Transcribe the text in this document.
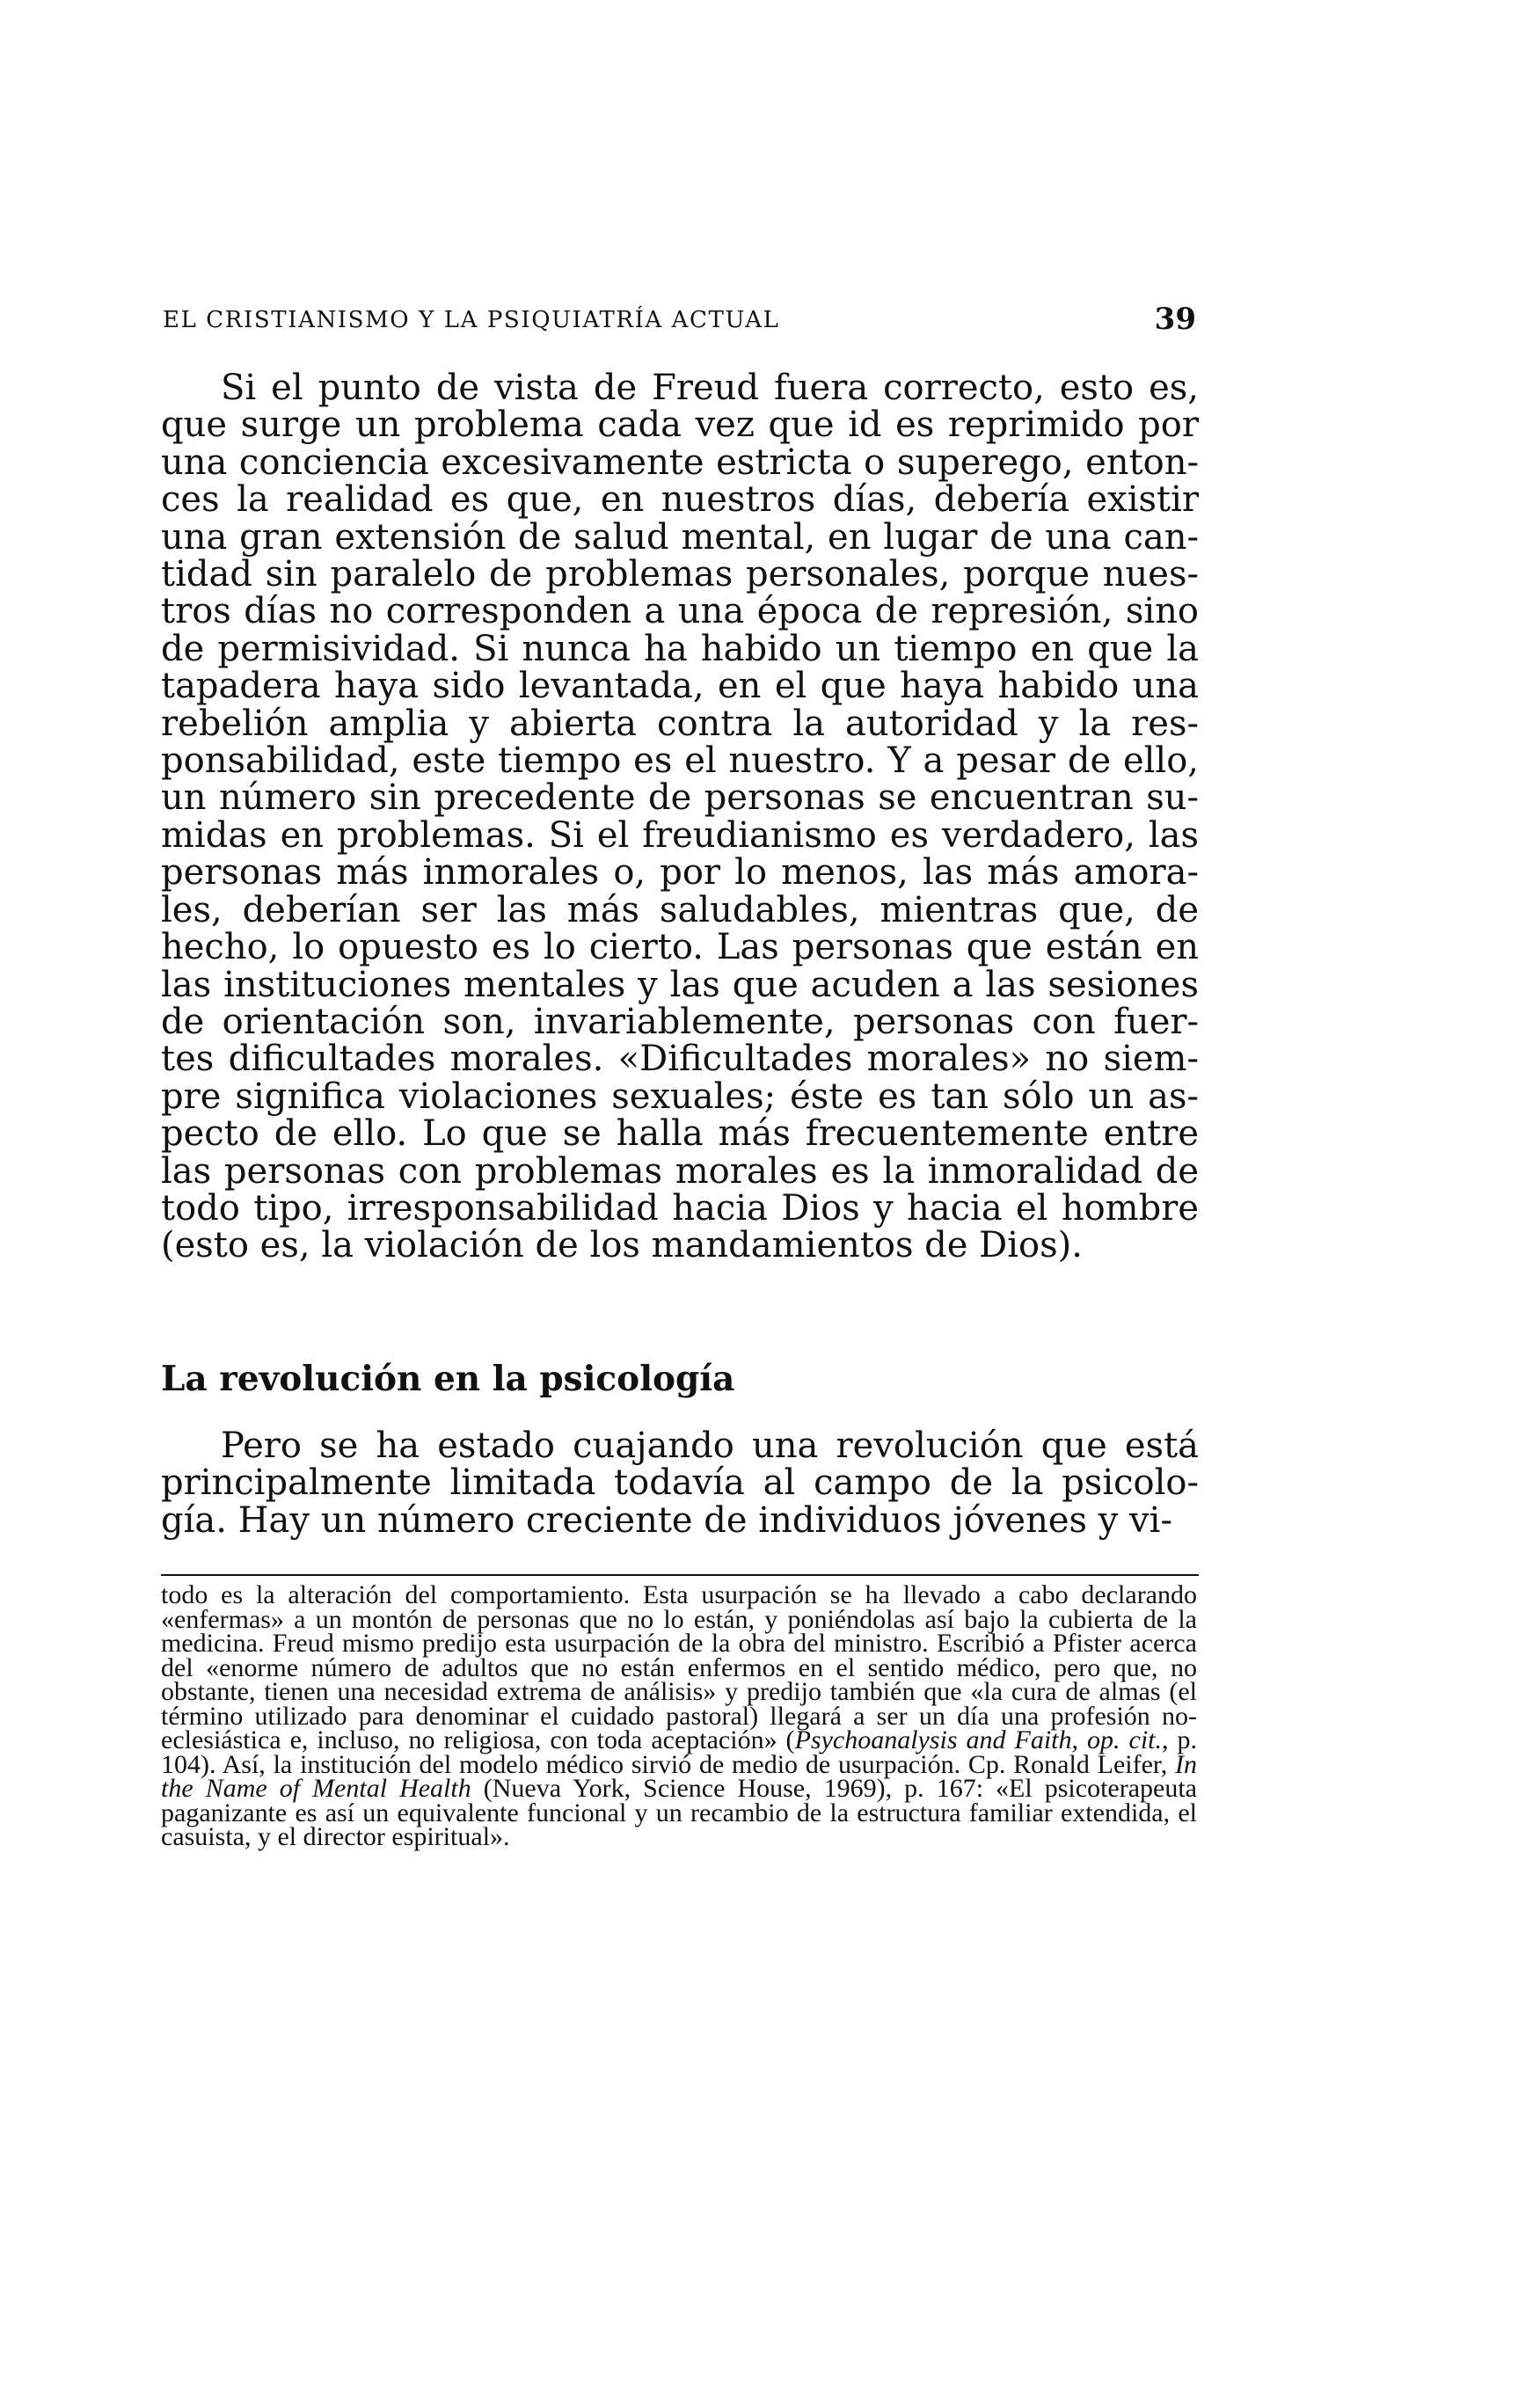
EL CRISTIANISMO Y LA PSIQUIATRÍA ACTUAL	39

Si el punto de vista de Freud fuera correcto, esto es, que surge un problema cada vez que id es reprimido por una conciencia excesivamente estricta o superego, entonces la realidad es que, en nuestros días, debería existir una gran extensión de salud mental, en lugar de una cantidad sin paralelo de problemas personales, porque nuestros días no corresponden a una época de represión, sino de permisividad. Si nunca ha habido un tiempo en que la tapadera haya sido levantada, en el que haya habido una rebelión amplia y abierta contra la autoridad y la responsabilidad, este tiempo es el nuestro. Y a pesar de ello, un número sin precedente de personas se encuentran sumidas en problemas. Si el freudianismo es verdadero, las personas más inmorales o, por lo menos, las más amorales, deberían ser las más saludables, mientras que, de hecho, lo opuesto es lo cierto. Las personas que están en las instituciones mentales y las que acuden a las sesiones de orientación son, invariablemente, personas con fuertes dificultades morales. «Dificultades morales» no siempre significa violaciones sexuales; éste es tan sólo un aspecto de ello. Lo que se halla más frecuentemente entre las personas con problemas morales es la inmoralidad de todo tipo, irresponsabilidad hacia Dios y hacia el hombre (esto es, la violación de los mandamientos de Dios).

La revolución en la psicología

Pero se ha estado cuajando una revolución que está principalmente limitada todavía al campo de la psicología. Hay un número creciente de individuos jóvenes y vi-

todo es la alteración del comportamiento. Esta usurpación se ha llevado a cabo declarando «enfermas» a un montón de personas que no lo están, y poniéndolas así bajo la cubierta de la medicina. Freud mismo predijo esta usurpación de la obra del ministro. Escribió a Pfister acerca del «enorme número de adultos que no están enfermos en el sentido médico, pero que, no obstante, tienen una necesidad extrema de análisis» y predijo también que «la cura de almas (el término utilizado para denominar el cuidado pastoral) llegará a ser un día una profesión no-eclesiástica e, incluso, no religiosa, con toda aceptación» (Psychoanalysis and Faith, op. cit., p. 104). Así, la institución del modelo médico sirvió de medio de usurpación. Cp. Ronald Leifer, In the Name of Mental Health (Nueva York, Science House, 1969), p. 167: «El psicoterapeuta paganizante es así un equivalente funcional y un recambio de la estructura familiar extendida, el casuista, y el director espiritual».
